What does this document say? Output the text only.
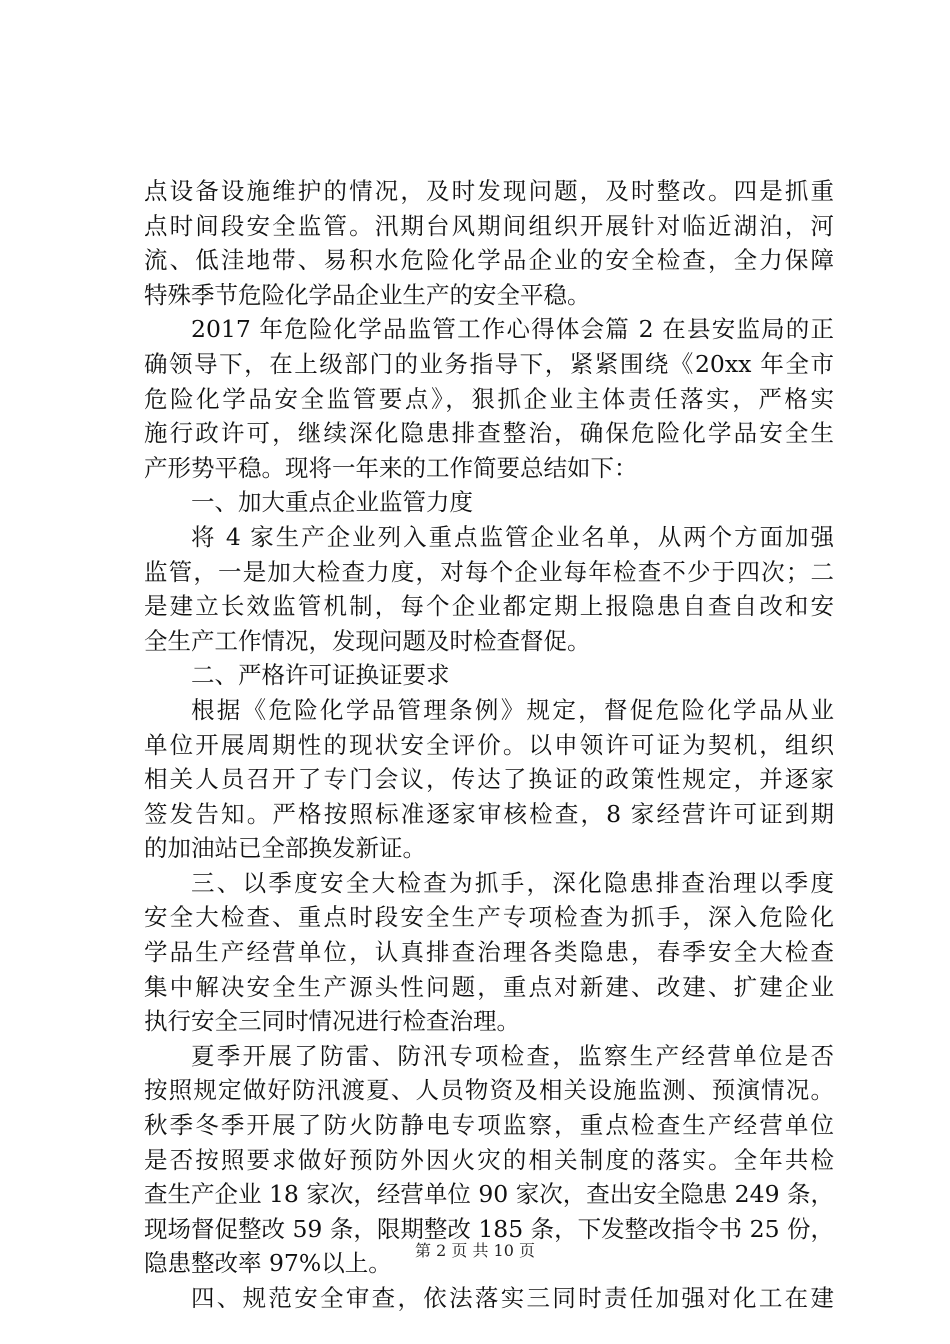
点设备设施维护的情况，及时发现问题，及时整改。四是抓重
点时间段安全监管。汛期台风期间组织开展针对临近湖泊，河
流、低洼地带、易积水危险化学品企业的安全检查，全力保障
特殊季节危险化学品企业生产的安全平稳。
2017 年危险化学品监管工作心得体会篇 2 在县安监局的正
确领导下，在上级部门的业务指导下，紧紧围绕《20xx 年全市
危险化学品安全监管要点》，狠抓企业主体责任落实，严格实
施行政许可，继续深化隐患排查整治，确保危险化学品安全生
产形势平稳。现将一年来的工作简要总结如下：
一、加大重点企业监管力度
将 4 家生产企业列入重点监管企业名单，从两个方面加强
监管，一是加大检查力度，对每个企业每年检查不少于四次；二
是建立长效监管机制，每个企业都定期上报隐患自查自改和安
全生产工作情况，发现问题及时检查督促。
二、严格许可证换证要求
根据《危险化学品管理条例》规定，督促危险化学品从业
单位开展周期性的现状安全评价。以申领许可证为契机，组织
相关人员召开了专门会议，传达了换证的政策性规定，并逐家
签发告知。严格按照标准逐家审核检查，8 家经营许可证到期
的加油站已全部换发新证。
三、以季度安全大检查为抓手，深化隐患排查治理以季度
安全大检查、重点时段安全生产专项检查为抓手，深入危险化
学品生产经营单位，认真排查治理各类隐患，春季安全大检查
集中解决安全生产源头性问题，重点对新建、改建、扩建企业
执行安全三同时情况进行检查治理。
夏季开展了防雷、防汛专项检查，监察生产经营单位是否
按照规定做好防汛渡夏、人员物资及相关设施监测、预演情况。
秋季冬季开展了防火防静电专项监察，重点检查生产经营单位
是否按照要求做好预防外因火灾的相关制度的落实。全年共检
查生产企业 18 家次，经营单位 90 家次，查出安全隐患 249 条，
现场督促整改 59 条，限期整改 185 条，下发整改指令书 25 份，
隐患整改率 97%以上。
四、规范安全审查，依法落实三同时责任加强对化工在建
第 2 页 共 10 页
